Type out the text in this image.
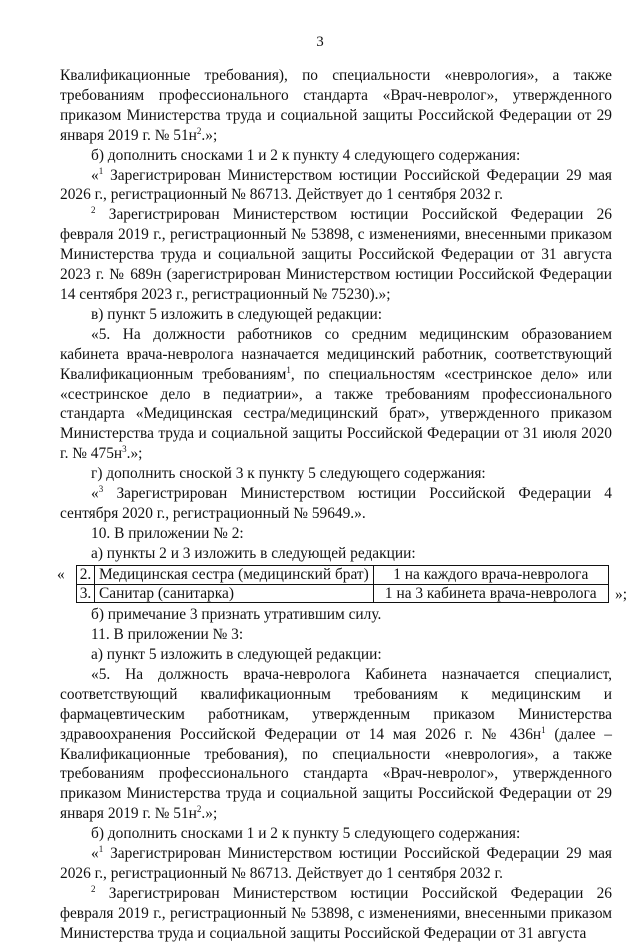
3

Квалификационные требования), по специальности «неврология», а также требованиям профессионального стандарта «Врач-невролог», утвержденного приказом Министерства труда и социальной защиты Российской Федерации от 29 января 2019 г. № $51н^2$.»;

б) дополнить сносками 1 и 2 к пункту 4 следующего содержания:

«$^1$ Зарегистрирован Министерством юстиции Российской Федерации 29 мая 2026 г., регистрационный № 86713. Действует до 1 сентября 2032 г.

$^2$ Зарегистрирован Министерством юстиции Российской Федерации 26 февраля 2019 г., регистрационный № 53898, с изменениями, внесенными приказом Министерства труда и социальной защиты Российской Федерации от 31 августа 2023 г. № 689н (зарегистрирован Министерством юстиции Российской Федерации 14 сентября 2023 г., регистрационный № 75230).»;

в) пункт 5 изложить в следующей редакции:

«5. На должности работников со средним медицинским образованием кабинета врача-невролога назначается медицинский работник, соответствующий Квалификационным требованиям$^1$, по специальностям «сестринское дело» или «сестринское дело в педиатрии», а также требованиям профессионального стандарта «Медицинская сестра/медицинский брат», утвержденного приказом Министерства труда и социальной защиты Российской Федерации от 31 июля 2020 г. № $475н^3$.»;

г) дополнить сноской 3 к пункту 5 следующего содержания:

«$^3$ Зарегистрирован Министерством юстиции Российской Федерации 4 сентября 2020 г., регистрационный № 59649.».

10. В приложении № 2:

а) пункты 2 и 3 изложить в следующей редакции:

« 2.	Медицинская сестра (медицинский брат)	1 на каждого врача-невролога
3.	Санитар (санитарка)	1 на 3 кабинета врача-невролога »;

б) примечание 3 признать утратившим силу.

11. В приложении № 3:

а) пункт 5 изложить в следующей редакции:

«5. На должность врача-невролога Кабинета назначается специалист, соответствующий квалификационным требованиям к медицинским и фармацевтическим работникам, утвержденным приказом Министерства здравоохранения Российской Федерации от 14 мая 2026 г. № $436н^1$ (далее – Квалификационные требования), по специальности «неврология», а также требованиям профессионального стандарта «Врач-невролог», утвержденного приказом Министерства труда и социальной защиты Российской Федерации от 29 января 2019 г. № $51н^2$.»;

б) дополнить сносками 1 и 2 к пункту 5 следующего содержания:

«$^1$ Зарегистрирован Министерством юстиции Российской Федерации 29 мая 2026 г., регистрационный № 86713. Действует до 1 сентября 2032 г.

$^2$ Зарегистрирован Министерством юстиции Российской Федерации 26 февраля 2019 г., регистрационный № 53898, с изменениями, внесенными приказом Министерства труда и социальной защиты Российской Федерации от 31 августа
